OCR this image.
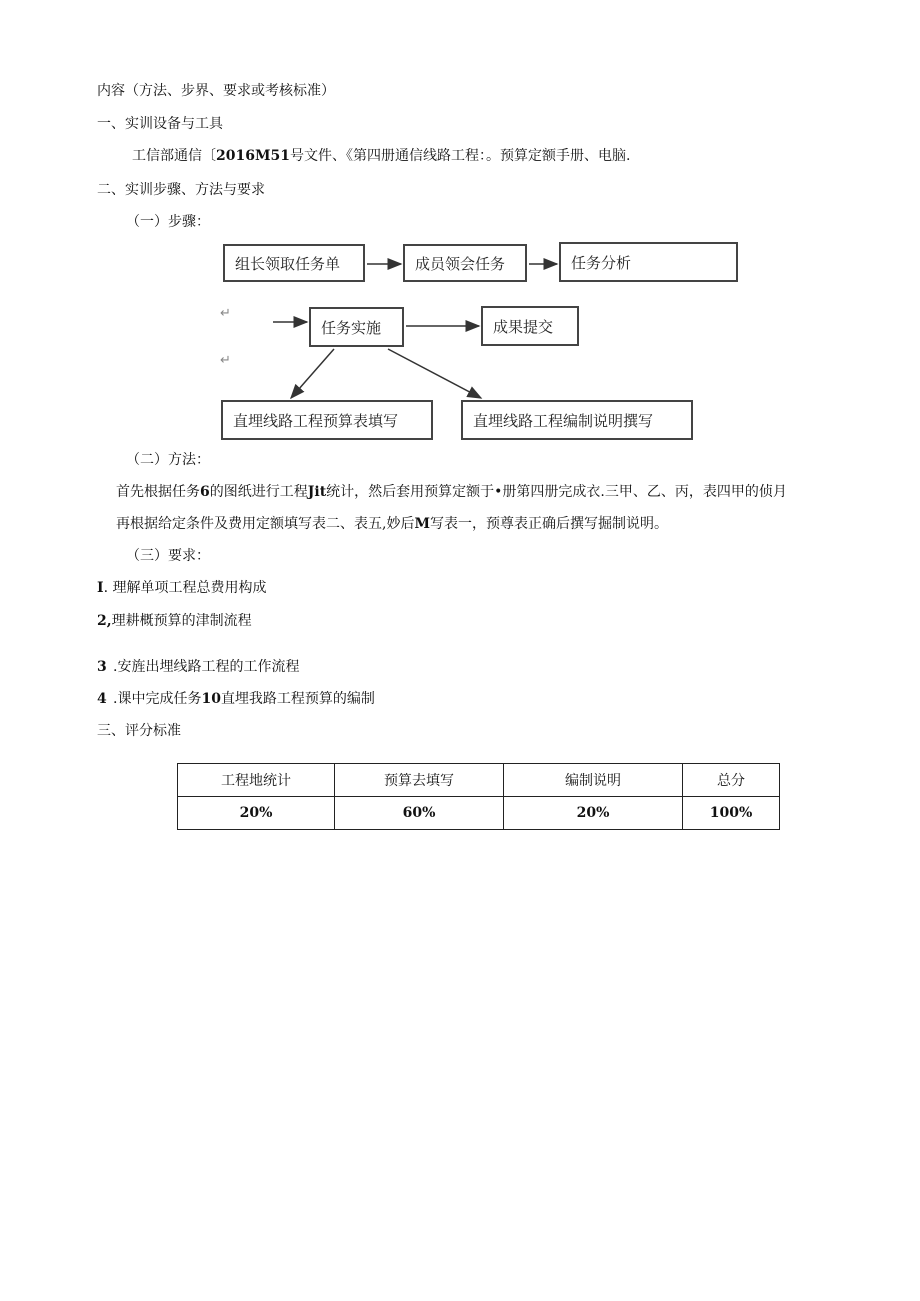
内容（方法、步界、要求或考核标准）
一、实训设备与工具
工信部通信〔2016M51号文件、《第四册通信线路工程：。预算定额手册、电脑.
二、实训步骤、方法与要求
（一）步骤：
组长领取任务单	成员领会任务	任务分析
任务实施	成果提交
直埋线路工程预算表填写	直埋线路工程编制说明撰写
↵
↵
（二）方法：
首先根据任务6的图纸进行工程Jit统计，然后套用预算定额于•册第四册完成衣.三甲、乙、丙，表四甲的侦月
再根据给定条件及费用定额填写表二、表五,妙后M写表一，预尊表正确后撰写掘制说明。
（三）要求：
I. 理解单项工程总费用构成
2,理耕概预算的津制流程
3 .安旌出埋线路工程的工作流程
4 .课中完成任务10直埋我路工程预算的编制
三、评分标准
工程地统计	预算去填写	编制说明	总分
20%	60%	20%	100%
